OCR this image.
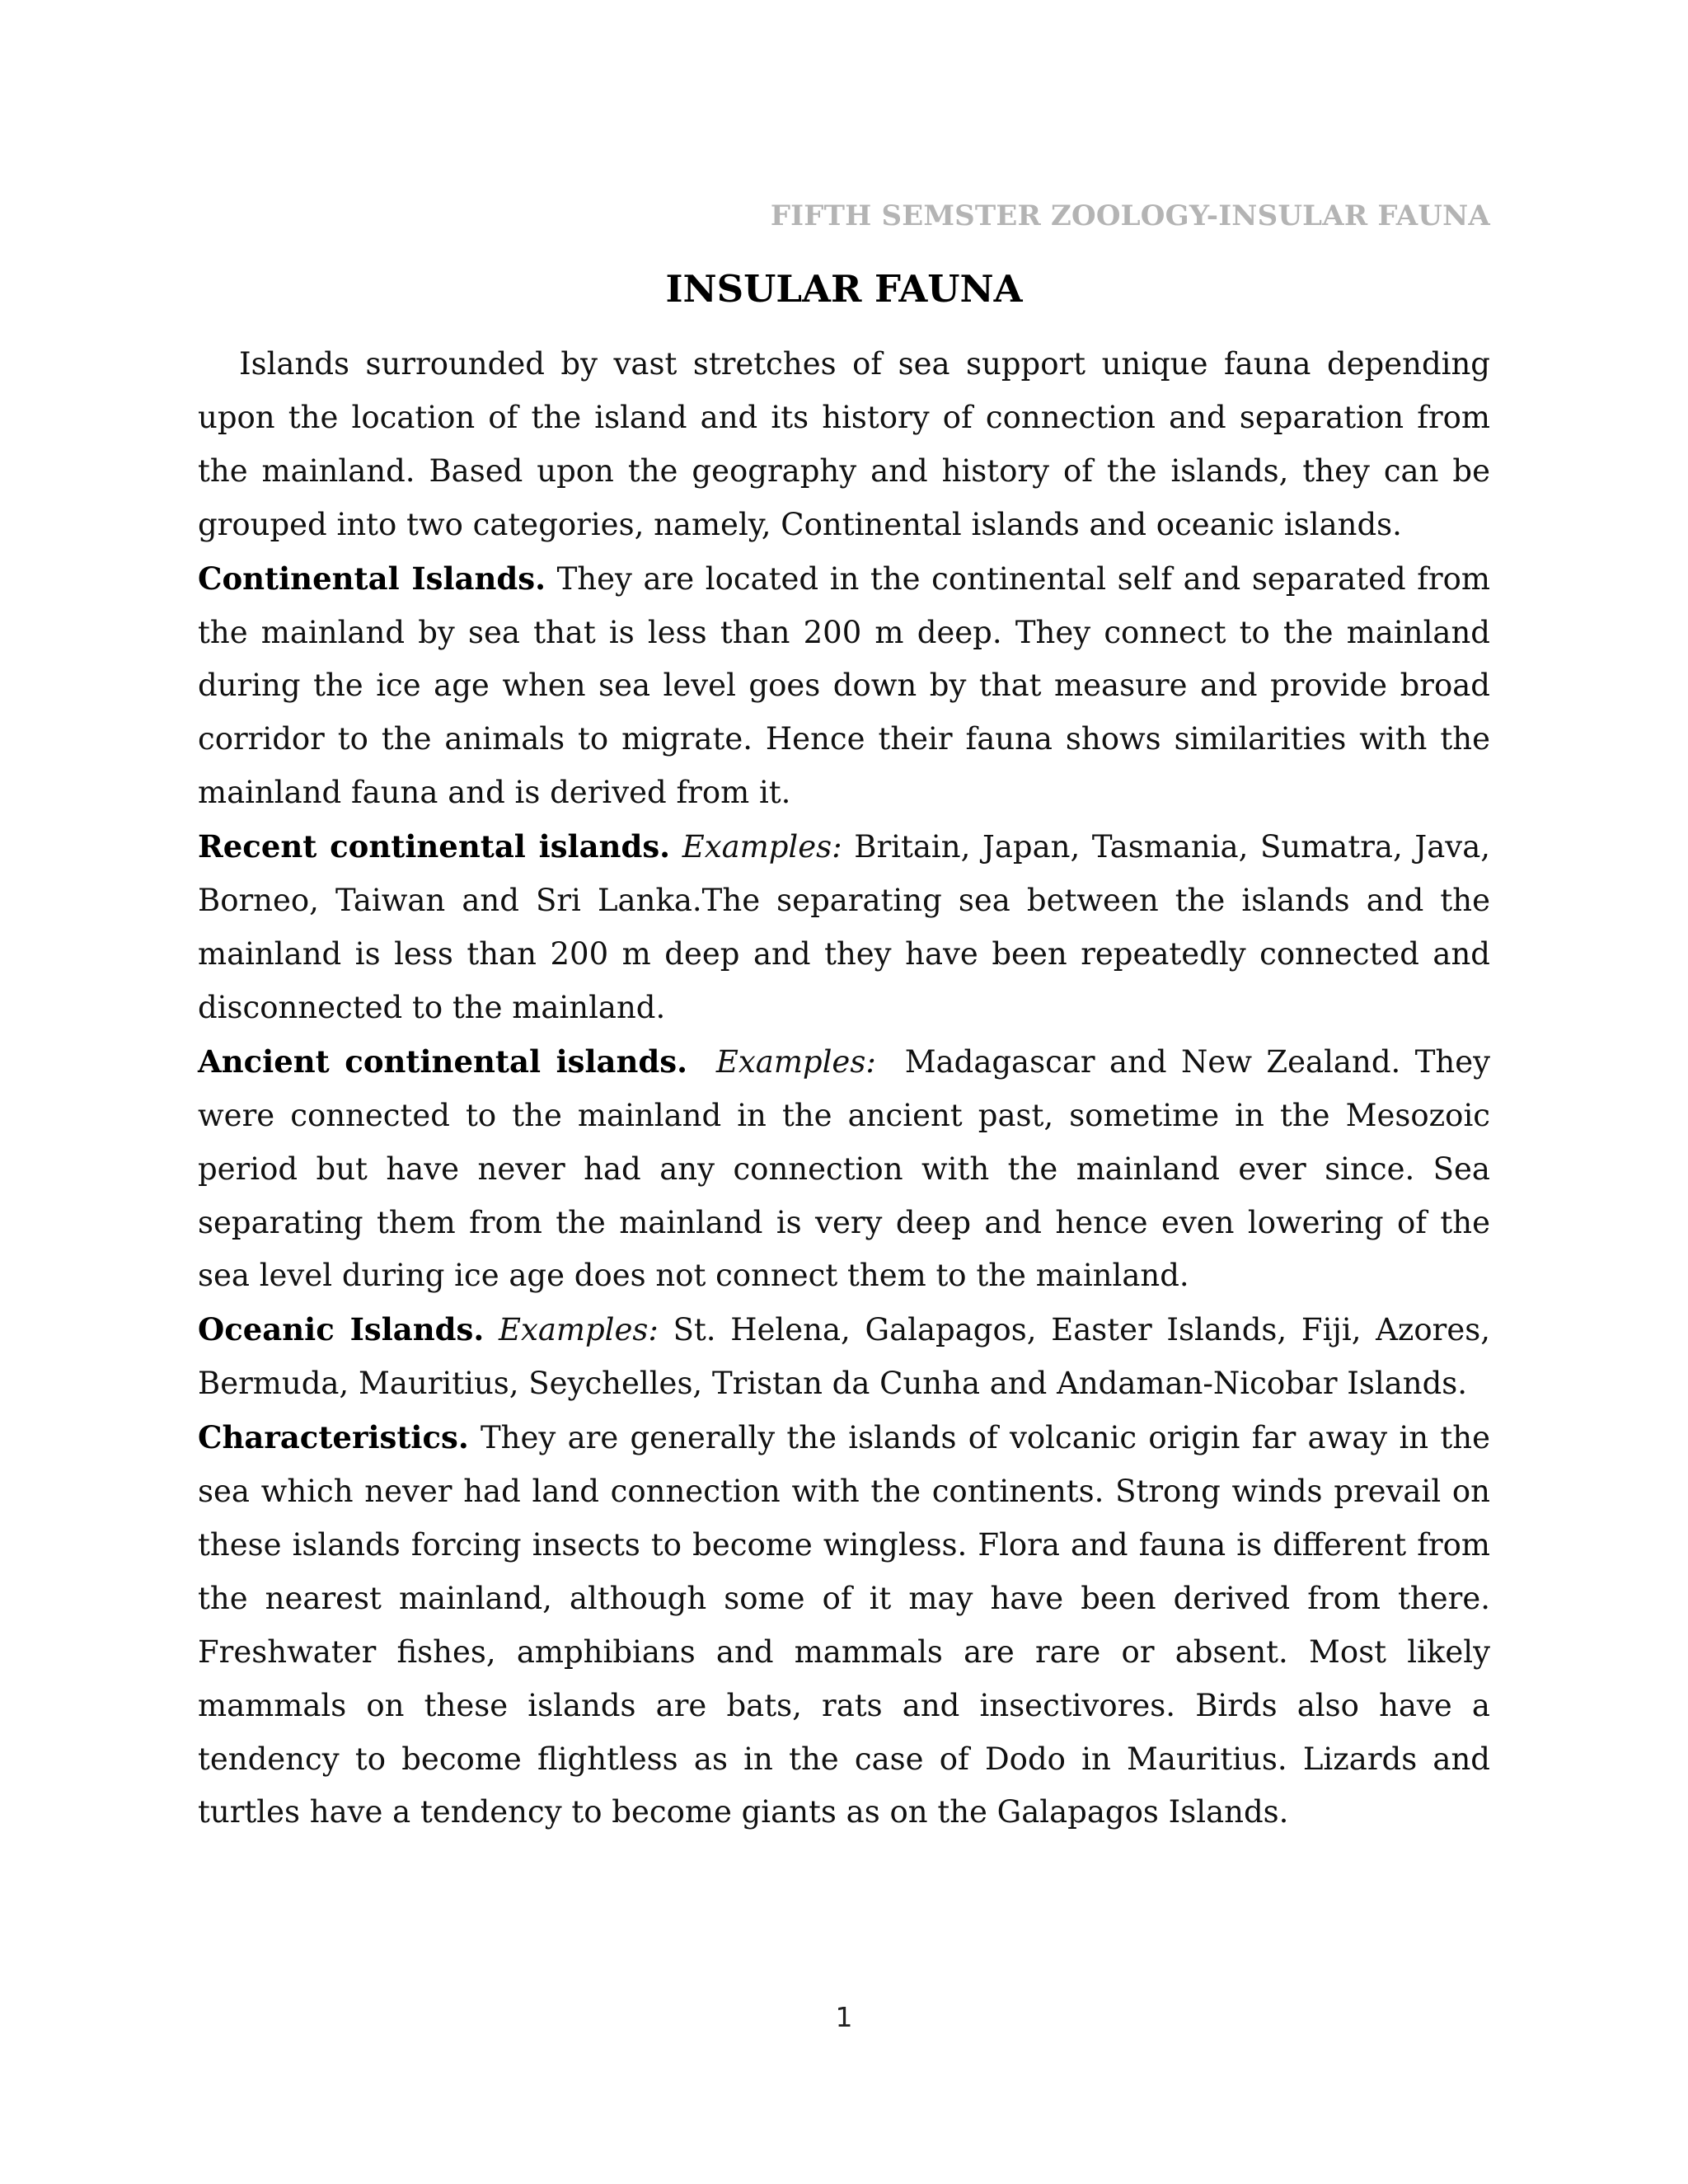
FIFTH SEMSTER ZOOLOGY-INSULAR FAUNA
INSULAR FAUNA

Islands surrounded by vast stretches of sea support unique fauna depending upon the location of the island and its history of connection and separation from the mainland. Based upon the geography and history of the islands, they can be grouped into two categories, namely, Continental islands and oceanic islands.

Continental Islands. They are located in the continental self and separated from the mainland by sea that is less than 200 m deep. They connect to the mainland during the ice age when sea level goes down by that measure and provide broad corridor to the animals to migrate. Hence their fauna shows similarities with the mainland fauna and is derived from it.

Recent continental islands. Examples: Britain, Japan, Tasmania, Sumatra, Java, Borneo, Taiwan and Sri Lanka.The separating sea between the islands and the mainland is less than 200 m deep and they have been repeatedly connected and disconnected to the mainland.

Ancient continental islands. Examples: Madagascar and New Zealand. They were connected to the mainland in the ancient past, sometime in the Mesozoic period but have never had any connection with the mainland ever since. Sea separating them from the mainland is very deep and hence even lowering of the sea level during ice age does not connect them to the mainland.

Oceanic Islands. Examples: St. Helena, Galapagos, Easter Islands, Fiji, Azores, Bermuda, Mauritius, Seychelles, Tristan da Cunha and Andaman-Nicobar Islands.

Characteristics. They are generally the islands of volcanic origin far away in the sea which never had land connection with the continents. Strong winds prevail on these islands forcing insects to become wingless. Flora and fauna is different from the nearest mainland, although some of it may have been derived from there. Freshwater fishes, amphibians and mammals are rare or absent. Most likely mammals on these islands are bats, rats and insectivores. Birds also have a tendency to become flightless as in the case of Dodo in Mauritius. Lizards and turtles have a tendency to become giants as on the Galapagos Islands.

1
